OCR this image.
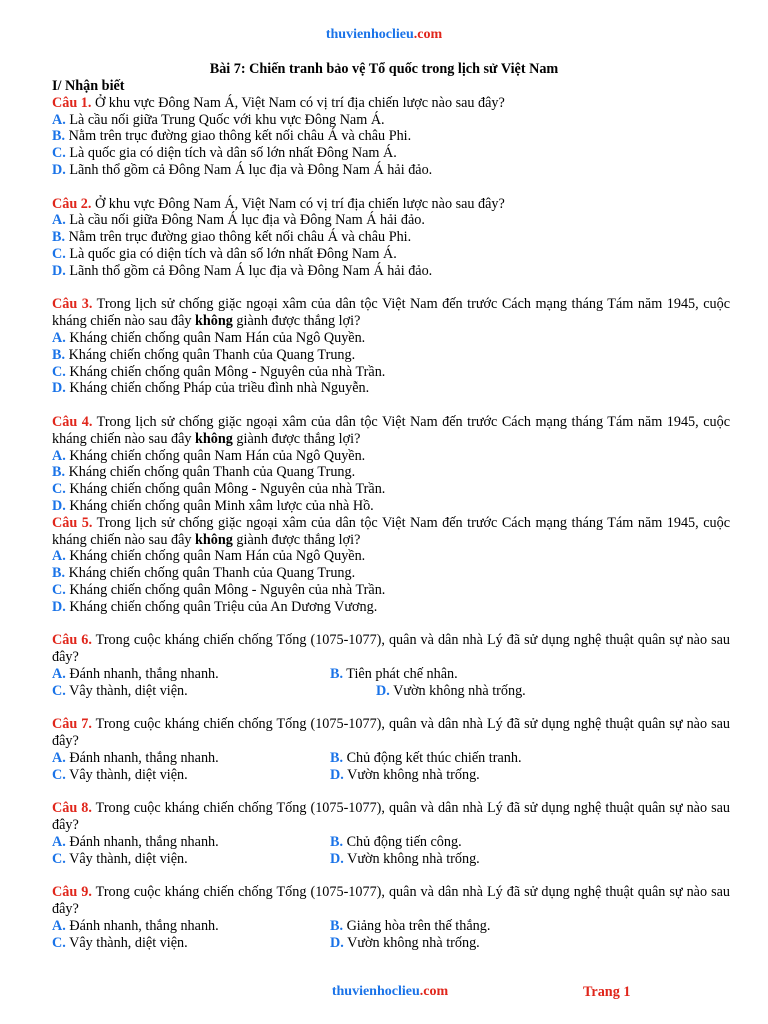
thuvienhoclieu.com
Bài 7: Chiến tranh bảo vệ Tổ quốc trong lịch sử Việt Nam
I/ Nhận biết
Câu 1. Ở khu vực Đông Nam Á, Việt Nam có vị trí địa chiến lược nào sau đây?
A. Là cầu nối giữa Trung Quốc với khu vực Đông Nam Á.
B. Nằm trên trục đường giao thông kết nối châu Á và châu Phi.
C. Là quốc gia có diện tích và dân số lớn nhất Đông Nam Á.
D. Lãnh thổ gồm cả Đông Nam Á lục địa và Đông Nam Á hải đảo.
Câu 2. Ở khu vực Đông Nam Á, Việt Nam có vị trí địa chiến lược nào sau đây?
A. Là cầu nối giữa Đông Nam Á lục địa và Đông Nam Á hải đảo.
B. Nằm trên trục đường giao thông kết nối châu Á và châu Phi.
C. Là quốc gia có diện tích và dân số lớn nhất Đông Nam Á.
D. Lãnh thổ gồm cả Đông Nam Á lục địa và Đông Nam Á hải đảo.
Câu 3. Trong lịch sử chống giặc ngoại xâm của dân tộc Việt Nam đến trước Cách mạng tháng Tám năm 1945, cuộc kháng chiến nào sau đây không giành được thắng lợi?
A. Kháng chiến chống quân Nam Hán của Ngô Quyền.
B. Kháng chiến chống quân Thanh của Quang Trung.
C. Kháng chiến chống quân Mông - Nguyên của nhà Trần.
D. Kháng chiến chống Pháp của triều đình nhà Nguyễn.
Câu 4. Trong lịch sử chống giặc ngoại xâm của dân tộc Việt Nam đến trước Cách mạng tháng Tám năm 1945, cuộc kháng chiến nào sau đây không giành được thắng lợi?
A. Kháng chiến chống quân Nam Hán của Ngô Quyền.
B. Kháng chiến chống quân Thanh của Quang Trung.
C. Kháng chiến chống quân Mông - Nguyên của nhà Trần.
D. Kháng chiến chống quân Minh xâm lược của nhà Hồ.
Câu 5. Trong lịch sử chống giặc ngoại xâm của dân tộc Việt Nam đến trước Cách mạng tháng Tám năm 1945, cuộc kháng chiến nào sau đây không giành được thắng lợi?
A. Kháng chiến chống quân Nam Hán của Ngô Quyền.
B. Kháng chiến chống quân Thanh của Quang Trung.
C. Kháng chiến chống quân Mông - Nguyên của nhà Trần.
D. Kháng chiến chống quân Triệu của An Dương Vương.
Câu 6. Trong cuộc kháng chiến chống Tống (1075-1077), quân và dân nhà Lý đã sử dụng nghệ thuật quân sự nào sau đây?
A. Đánh nhanh, thắng nhanh.	B. Tiên phát chế nhân.
C. Vây thành, diệt viện.	D. Vườn không nhà trống.
Câu 7. Trong cuộc kháng chiến chống Tống (1075-1077), quân và dân nhà Lý đã sử dụng nghệ thuật quân sự nào sau đây?
A. Đánh nhanh, thắng nhanh.	B. Chủ động kết thúc chiến tranh.
C. Vây thành, diệt viện.	D. Vườn không nhà trống.
Câu 8. Trong cuộc kháng chiến chống Tống (1075-1077), quân và dân nhà Lý đã sử dụng nghệ thuật quân sự nào sau đây?
A. Đánh nhanh, thắng nhanh.	B. Chủ động tiến công.
C. Vây thành, diệt viện.	D. Vườn không nhà trống.
Câu 9. Trong cuộc kháng chiến chống Tống (1075-1077), quân và dân nhà Lý đã sử dụng nghệ thuật quân sự nào sau đây?
A. Đánh nhanh, thắng nhanh.	B. Giảng hòa trên thế thắng.
C. Vây thành, diệt viện.	D. Vườn không nhà trống.
thuvienhoclieu.com	Trang 1
